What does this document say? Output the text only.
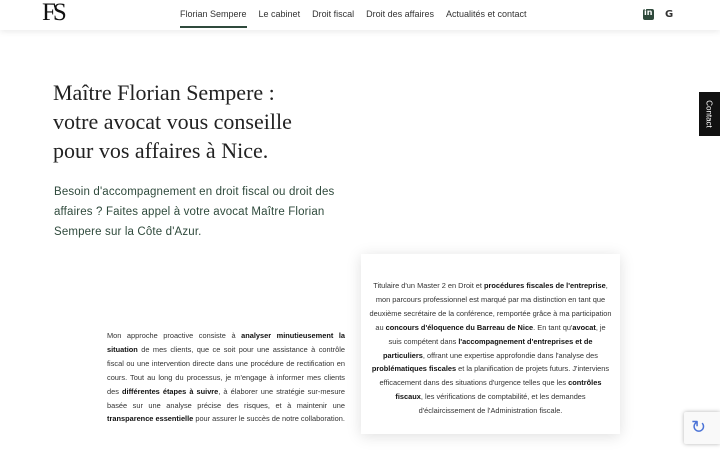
FS	Florian Sempere Le cabinet Droit fiscal Droit des affaires Actualités et contact	in G
Contact
Maître Florian Sempere :
votre avocat vous conseille
pour vos affaires à Nice.
Besoin d'accompagnement en droit fiscal ou droit des affaires ? Faites appel à votre avocat Maître Florian Sempere sur la Côte d'Azur.
Titulaire d'un Master 2 en Droit et procédures fiscales de l'entreprise, mon parcours professionnel est marqué par ma distinction en tant que deuxième secrétaire de la conférence, remportée grâce à ma participation au concours d'éloquence du Barreau de Nice. En tant qu'avocat, je suis compétent dans l'accompagnement d'entreprises et de particuliers, offrant une expertise approfondie dans l'analyse des problématiques fiscales et la planification de projets futurs. J'interviens efficacement dans des situations d'urgence telles que les contrôles fiscaux, les vérifications de comptabilité, et les demandes d'éclaircissement de l'Administration fiscale.
Mon approche proactive consiste à analyser minutieusement la situation de mes clients, que ce soit pour une assistance à contrôle fiscal ou une intervention directe dans une procédure de rectification en cours. Tout au long du processus, je m'engage à informer mes clients des différentes étapes à suivre, à élaborer une stratégie sur-mesure basée sur une analyse précise des risques, et à maintenir une transparence essentielle pour assurer le succès de notre collaboration.	↻
